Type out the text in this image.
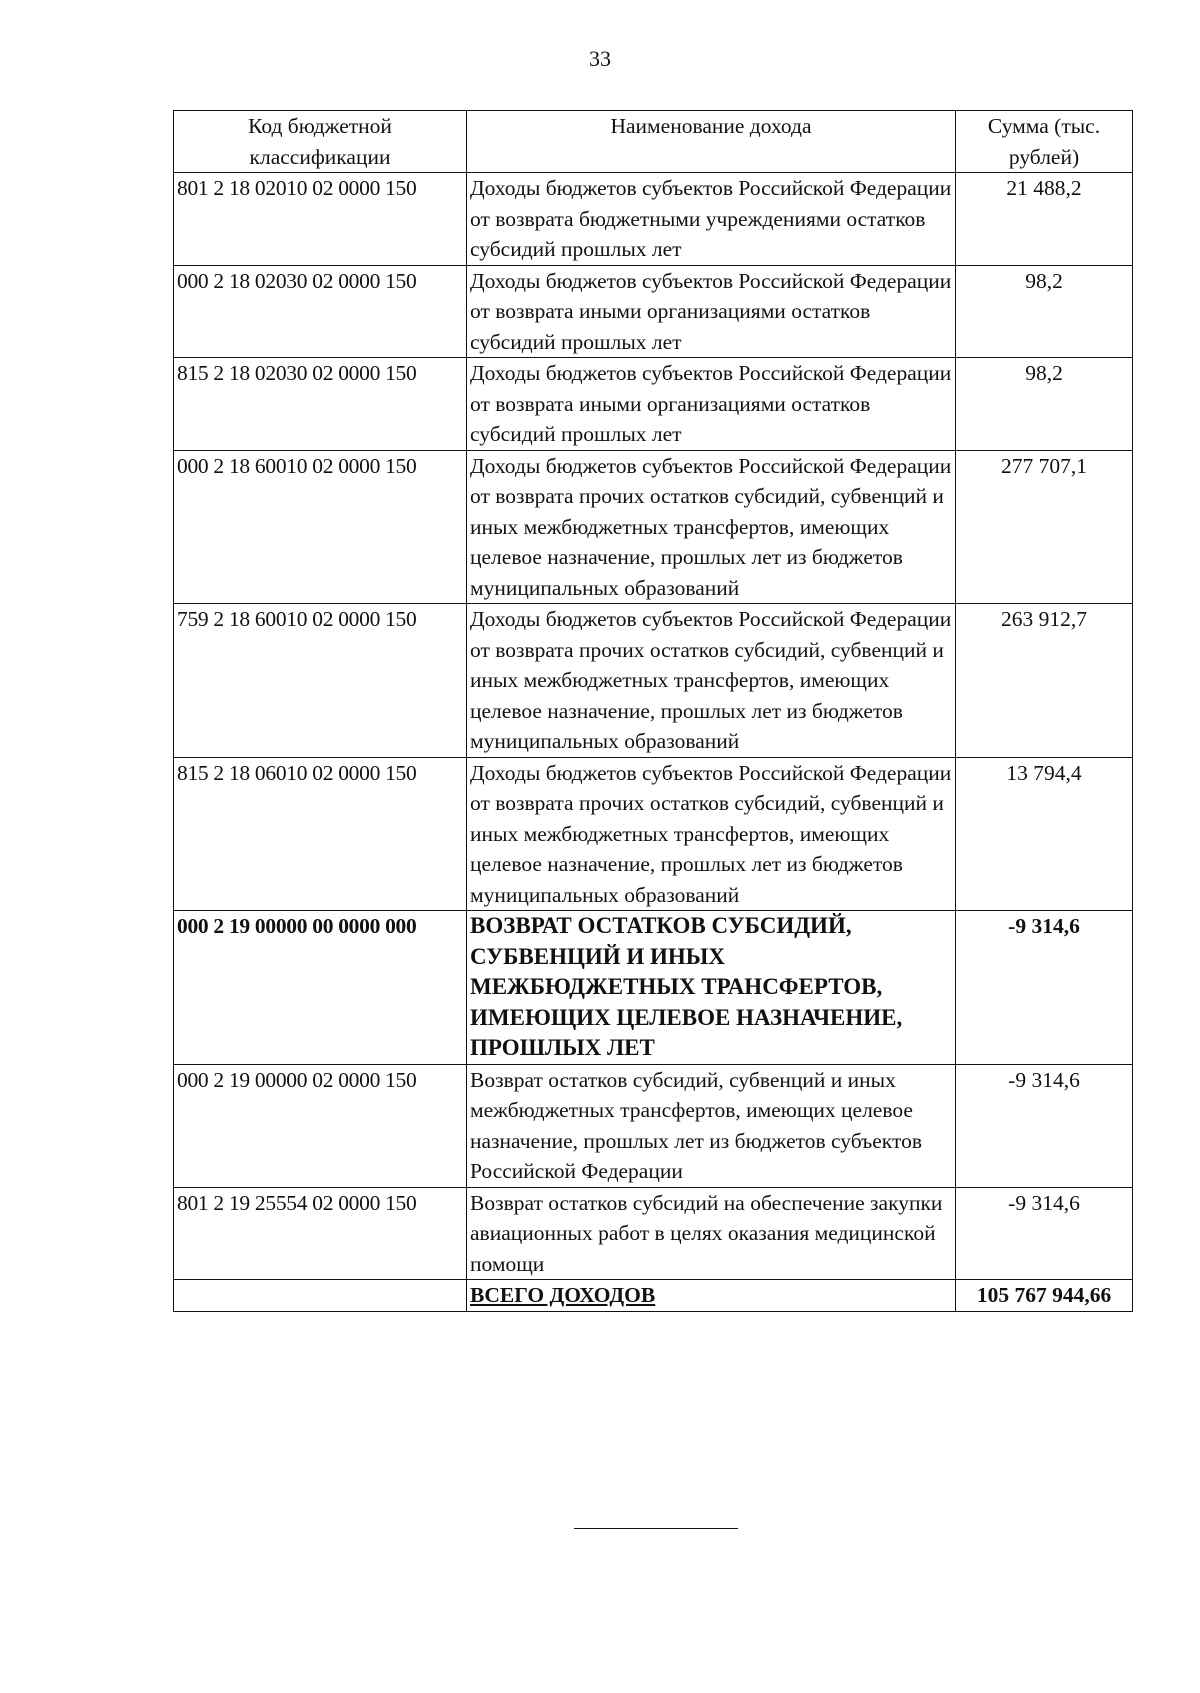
33
Код бюджетной классификации	Наименование дохода	Сумма (тыс. рублей)
801 2 18 02010 02 0000 150	Доходы бюджетов субъектов Российской Федерации от возврата бюджетными учреждениями остатков субсидий прошлых лет	21 488,2
000 2 18 02030 02 0000 150	Доходы бюджетов субъектов Российской Федерации от возврата иными организациями остатков субсидий прошлых лет	98,2
815 2 18 02030 02 0000 150	Доходы бюджетов субъектов Российской Федерации от возврата иными организациями остатков субсидий прошлых лет	98,2
000 2 18 60010 02 0000 150	Доходы бюджетов субъектов Российской Федерации от возврата прочих остатков субсидий, субвенций и иных межбюджетных трансфертов, имеющих целевое назначение, прошлых лет из бюджетов муниципальных образований	277 707,1
759 2 18 60010 02 0000 150	Доходы бюджетов субъектов Российской Федерации от возврата прочих остатков субсидий, субвенций и иных межбюджетных трансфертов, имеющих целевое назначение, прошлых лет из бюджетов муниципальных образований	263 912,7
815 2 18 06010 02 0000 150	Доходы бюджетов субъектов Российской Федерации от возврата прочих остатков субсидий, субвенций и иных межбюджетных трансфертов, имеющих целевое назначение, прошлых лет из бюджетов муниципальных образований	13 794,4
000 2 19 00000 00 0000 000	ВОЗВРАТ ОСТАТКОВ СУБСИДИЙ, СУБВЕНЦИЙ И ИНЫХ МЕЖБЮДЖЕТНЫХ ТРАНСФЕРТОВ, ИМЕЮЩИХ ЦЕЛЕВОЕ НАЗНАЧЕНИЕ, ПРОШЛЫХ ЛЕТ	-9 314,6
000 2 19 00000 02 0000 150	Возврат остатков субсидий, субвенций и иных межбюджетных трансфертов, имеющих целевое назначение, прошлых лет из бюджетов субъектов Российской Федерации	-9 314,6
801 2 19 25554 02 0000 150	Возврат остатков субсидий на обеспечение закупки авиационных работ в целях оказания медицинской помощи	-9 314,6
	ВСЕГО ДОХОДОВ	105 767 944,66
